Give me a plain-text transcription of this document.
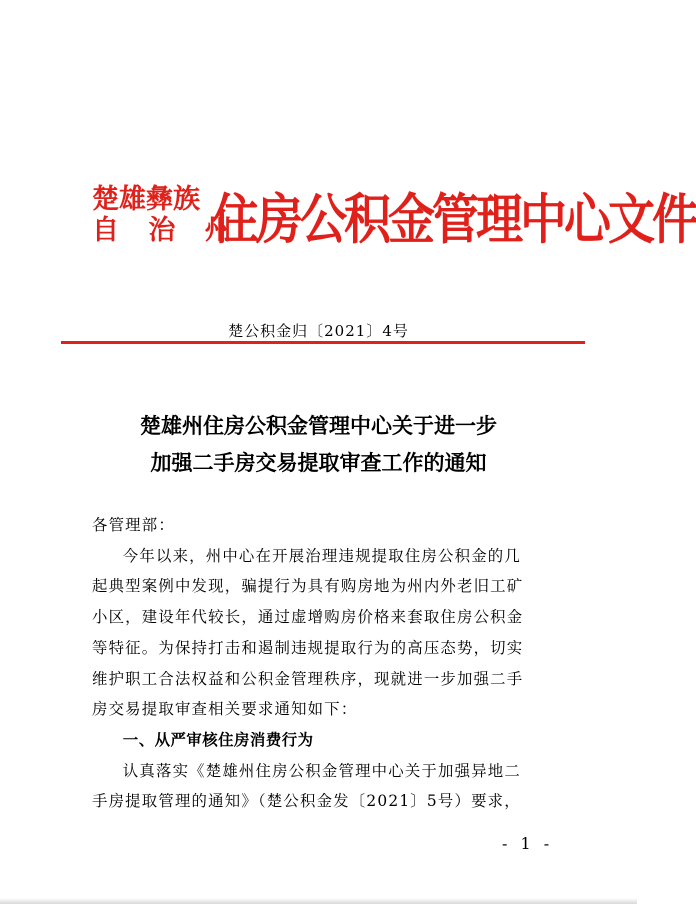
楚雄彝族
自 治 州
住房公积金管理中心文件
楚公积金归〔2021〕4号
楚雄州住房公积金管理中心关于进一步
加强二手房交易提取审查工作的通知
各管理部：
今年以来，州中心在开展治理违规提取住房公积金的几
起典型案例中发现，骗提行为具有购房地为州内外老旧工矿
小区，建设年代较长，通过虚增购房价格来套取住房公积金
等特征。为保持打击和遏制违规提取行为的高压态势，切实
维护职工合法权益和公积金管理秩序，现就进一步加强二手
房交易提取审查相关要求通知如下：
一、从严审核住房消费行为
认真落实《楚雄州住房公积金管理中心关于加强异地二
手房提取管理的通知》（楚公积金发〔2021〕5号）要求，
- 1 -
